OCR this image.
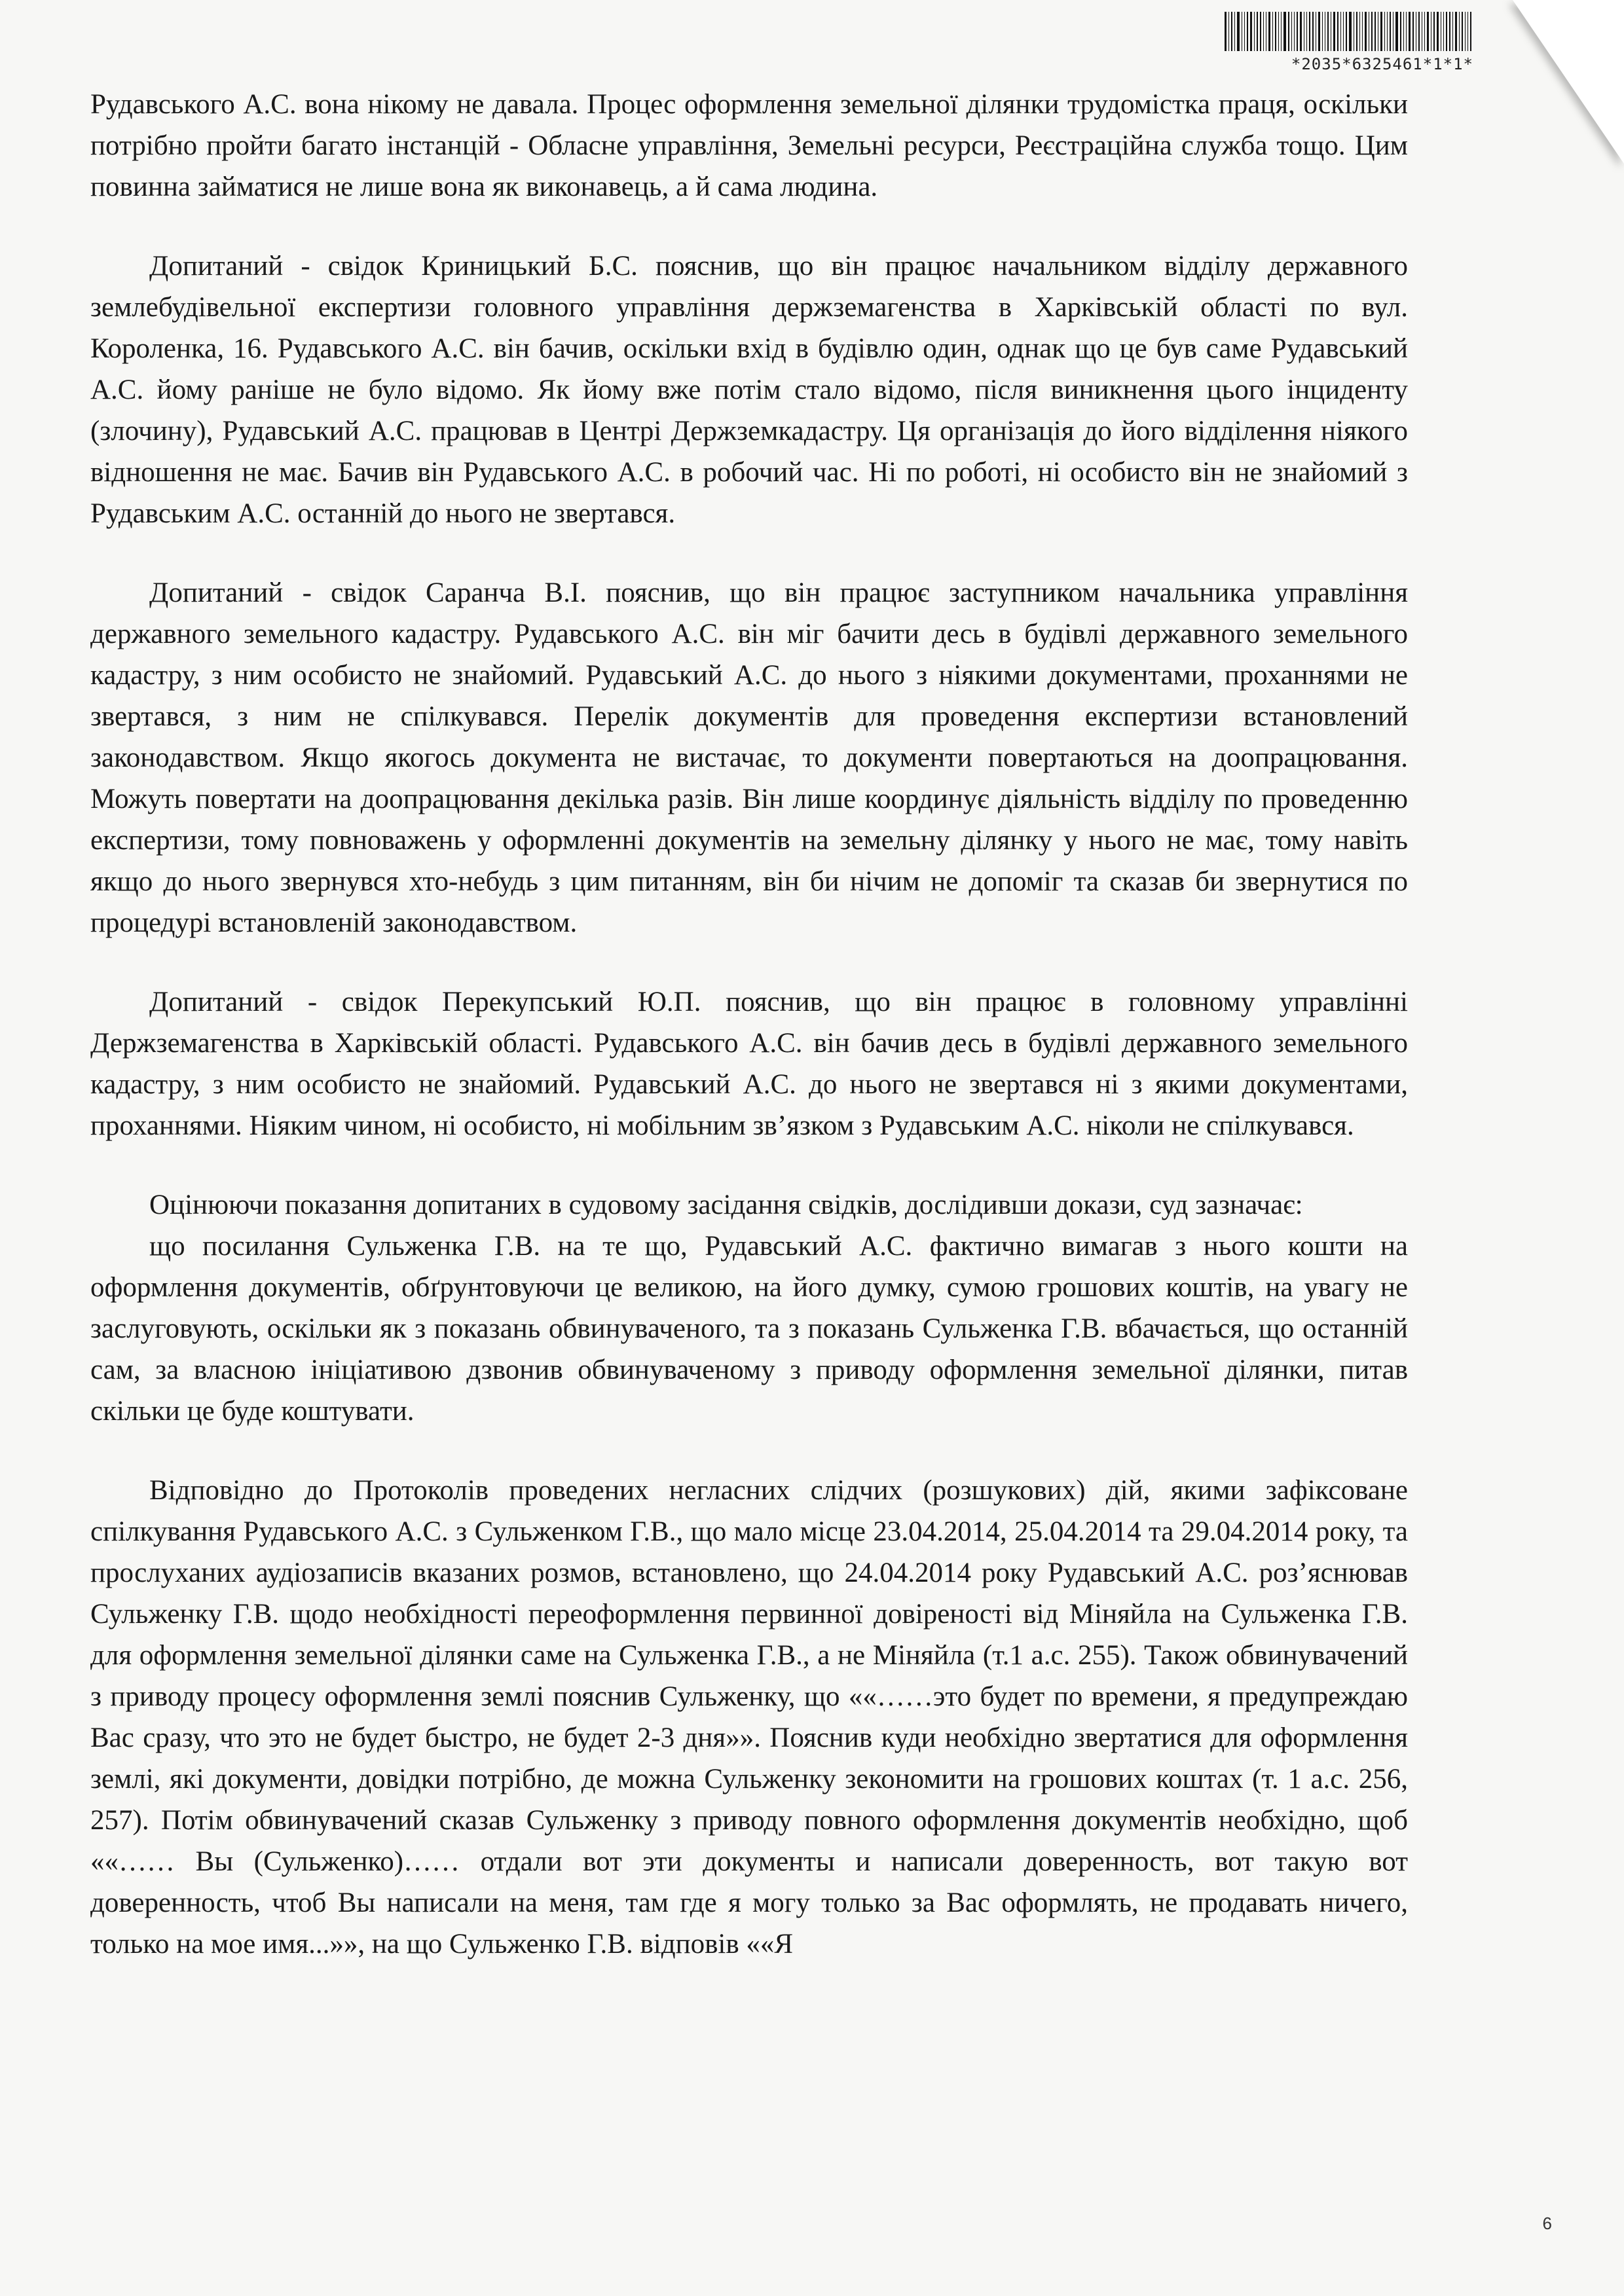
*2035*6325461*1*1*

Рудавського А.С. вона нікому не давала. Процес оформлення земельної ділянки трудомістка праця, оскільки потрібно пройти багато інстанцій - Обласне управління, Земельні ресурси, Реєстраційна служба тощо. Цим повинна займатися не лише вона як виконавець, а й сама людина.

Допитаний - свідок Криницький Б.С. пояснив, що він працює начальником відділу державного землебудівельної експертизи головного управління держземагенства в Харківській області по вул. Короленка, 16. Рудавського А.С. він бачив, оскільки вхід в будівлю один, однак що це був саме Рудавський А.С. йому раніше не було відомо. Як йому вже потім стало відомо, після виникнення цього інциденту (злочину), Рудавський А.С. працював в Центрі Держземкадастру. Ця організація до його відділення ніякого відношення не має. Бачив він Рудавського А.С. в робочий час. Ні по роботі, ні особисто він не знайомий з Рудавським А.С. останній до нього не звертався.

Допитаний - свідок Саранча В.І. пояснив, що він працює заступником начальника управління державного земельного кадастру. Рудавського А.С. він міг бачити десь в будівлі державного земельного кадастру, з ним особисто не знайомий. Рудавський А.С. до нього з ніякими документами, проханнями не звертався, з ним не спілкувався. Перелік документів для проведення експертизи встановлений законодавством. Якщо якогось документа не вистачає, то документи повертаються на доопрацювання. Можуть повертати на доопрацювання декілька разів. Він лише координує діяльність відділу по проведенню експертизи, тому повноважень у оформленні документів на земельну ділянку у нього не має, тому навіть якщо до нього звернувся хто-небудь з цим питанням, він би нічим не допоміг та сказав би звернутися по процедурі встановленій законодавством.

Допитаний - свідок Перекупський Ю.П. пояснив, що він працює в головному управлінні Держземагенства в Харківській області. Рудавського А.С. він бачив десь в будівлі державного земельного кадастру, з ним особисто не знайомий. Рудавський А.С. до нього не звертався ні з якими документами, проханнями. Ніяким чином, ні особисто, ні мобільним зв’язком з Рудавським А.С. ніколи не спілкувався.

Оцінюючи показання допитаних в судовому засідання свідків, дослідивши докази, суд зазначає:

що посилання Сульженка Г.В. на те що, Рудавський А.С. фактично вимагав з нього кошти на оформлення документів, обґрунтовуючи це великою, на його думку, сумою грошових коштів, на увагу не заслуговують, оскільки як з показань обвинуваченого, та з показань Сульженка Г.В. вбачається, що останній сам, за власною ініціативою дзвонив обвинуваченому з приводу оформлення земельної ділянки, питав скільки це буде коштувати.

Відповідно до Протоколів проведених негласних слідчих (розшукових) дій, якими зафіксоване спілкування Рудавського А.С. з Сульженком Г.В., що мало місце 23.04.2014, 25.04.2014 та 29.04.2014 року, та прослуханих аудіозаписів вказаних розмов, встановлено, що 24.04.2014 року Рудавський А.С. роз’яснював Сульженку Г.В. щодо необхідності переоформлення первинної довіреності від Міняйла на Сульженка Г.В. для оформлення земельної ділянки саме на Сульженка Г.В., а не Міняйла (т.1 а.с. 255). Також обвинувачений з приводу процесу оформлення землі пояснив Сульженку, що ««……это будет по времени, я предупреждаю Вас сразу, что это не будет быстро, не будет 2-3 дня»». Пояснив куди необхідно звертатися для оформлення землі, які документи, довідки потрібно, де можна Сульженку зекономити на грошових коштах (т. 1 а.с. 256, 257). Потім обвинувачений сказав Сульженку з приводу повного оформлення документів необхідно, щоб ««…… Вы (Сульженко)…… отдали вот эти документы и написали доверенность, вот такую вот доверенность, чтоб Вы написали на меня, там где я могу только за Вас оформлять, не продавать ничего, только на мое имя...»», на що Сульженко Г.В. відповів ««Я

6
